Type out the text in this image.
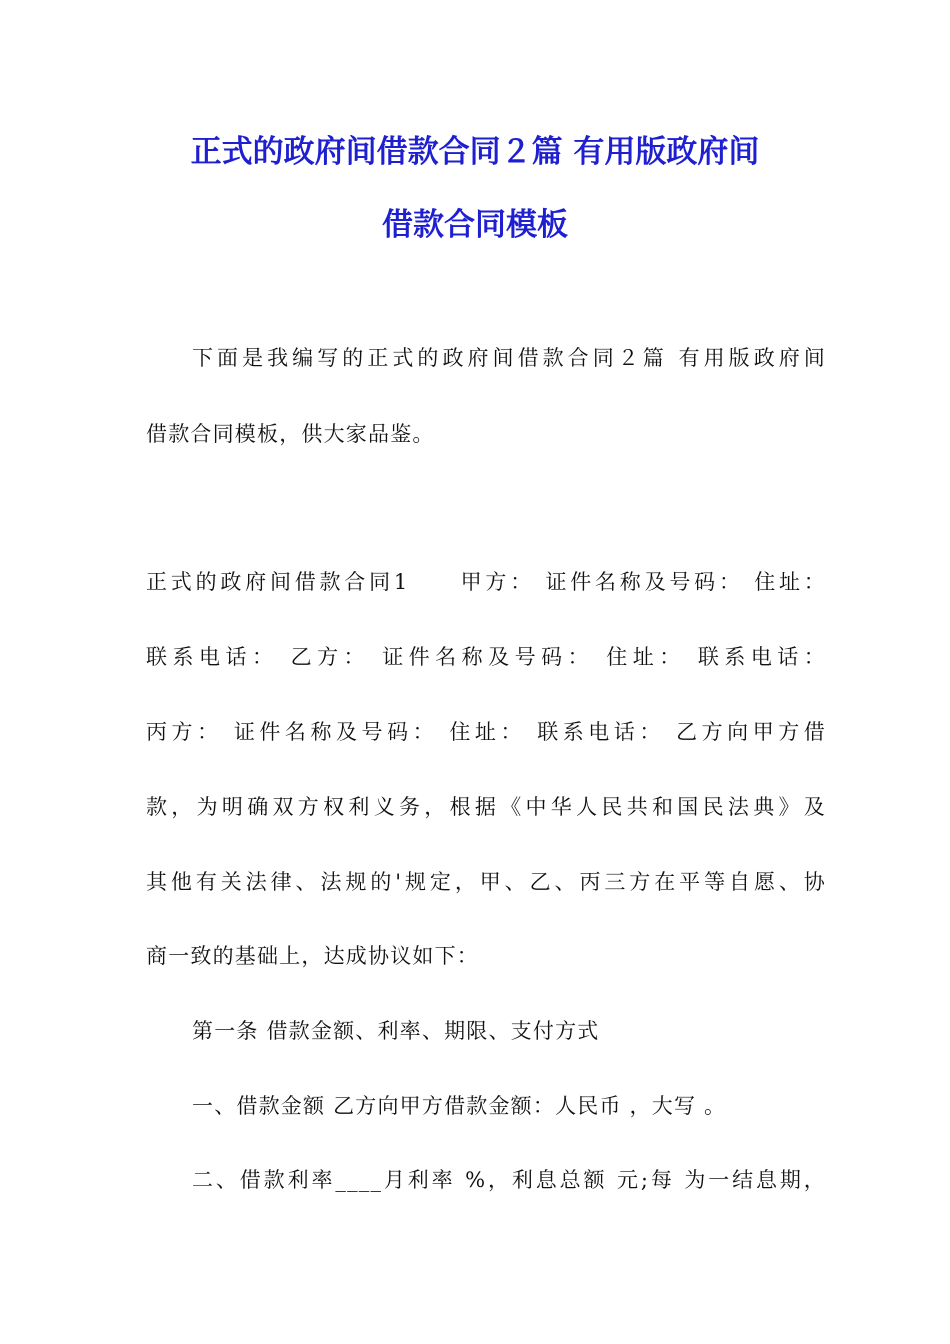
正式的政府间借款合同２篇 有用版政府间
借款合同模板
下面是我编写的正式的政府间借款合同２篇 有用版政府间
借款合同模板，供大家品鉴。
正式的政府间借款合同1　　甲方： 证件名称及号码： 住址：
联系电话： 乙方： 证件名称及号码： 住址： 联系电话：
丙方： 证件名称及号码： 住址： 联系电话： 乙方向甲方借
款，为明确双方权利义务，根据《中华人民共和国民法典》及
其他有关法律、法规的'规定，甲、乙、丙三方在平等自愿、协
商一致的基础上，达成协议如下：
第一条 借款金额、利率、期限、支付方式
一、借款金额 乙方向甲方借款金额：人民币 ，大写 。
二、借款利率____月利率 %，利息总额 元;每 为一结息期，
